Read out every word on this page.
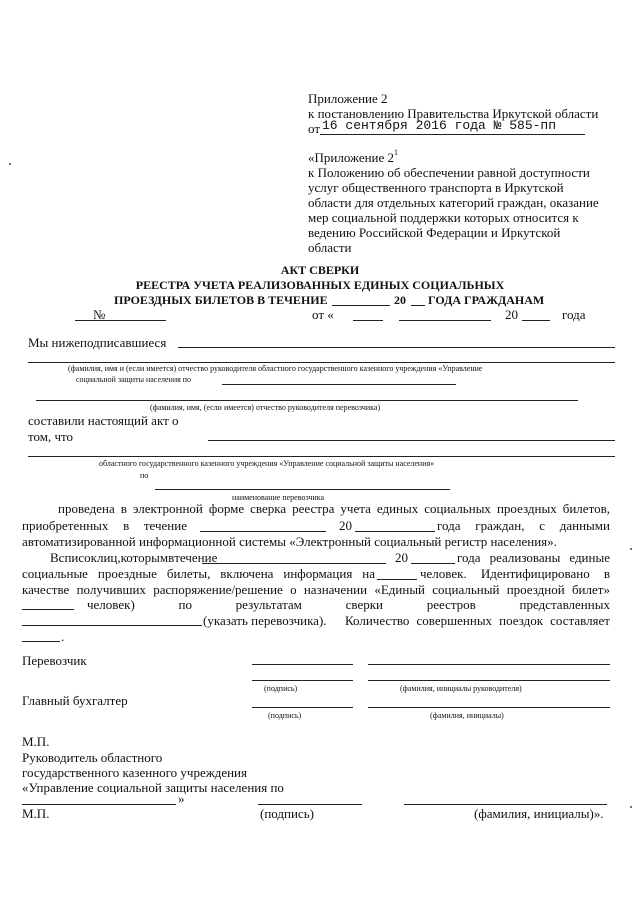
Приложение 2
к постановлению Правительства Иркутской области
от 16 сентября 2016 года № 585-пп
«Приложение $2^1$
к Положению об обеспечении равной доступности
услуг общественного транспорта в Иркутской
области для отдельных категорий граждан, оказание
мер социальной поддержки которых относится к
ведению Российской Федерации и Иркутской
области
АКТ СВЕРКИ
РЕЕСТРА УЧЕТА РЕАЛИЗОВАННЫХ ЕДИНЫХ СОЦИАЛЬНЫХ
ПРОЕЗДНЫХ БИЛЕТОВ В ТЕЧЕНИЕ	20 ГОДА ГРАЖДАНАМ
№	от «	20	года
Мы нижеподписавшиеся
(фамилия, имя и (если имеется) отчество руководителя областного государственного казенного учреждения «Управление
социальной защиты населения по
(фамилия, имя, (если имеется) отчество руководителя перевозчика)
составили настоящий акт о
том, что
областного государственного казенного учреждения «Управление социальной защиты населения»
по
наименование перевозчика
проведена в электронной форме сверка реестра учета единых социальных проездных билетов,
приобретенных в течение	20	года граждан, с данными
автоматизированной информационной системы «Электронный социальный регистр населения».
В список лиц, которым в течение	20	года реализованы единые
социальные проездные билеты, включена информация на	человек. Идентифицировано в
качестве получивших распоряжение/решение о назначении «Единый социальный проездной билет»
человек)	по	результатам	сверки	реестров	представленных
(указать перевозчика). Количество совершенных поездок составляет
.
Перевозчик
(подпись)	(фамилия, инициалы руководителя)
Главный бухгалтер
(подпись)	(фамилия, инициалы)
М.П.
Руководитель областного
государственного казенного учреждения
«Управление социальной защиты населения по
»
М.П.	(подпись)	(фамилия, инициалы)».
